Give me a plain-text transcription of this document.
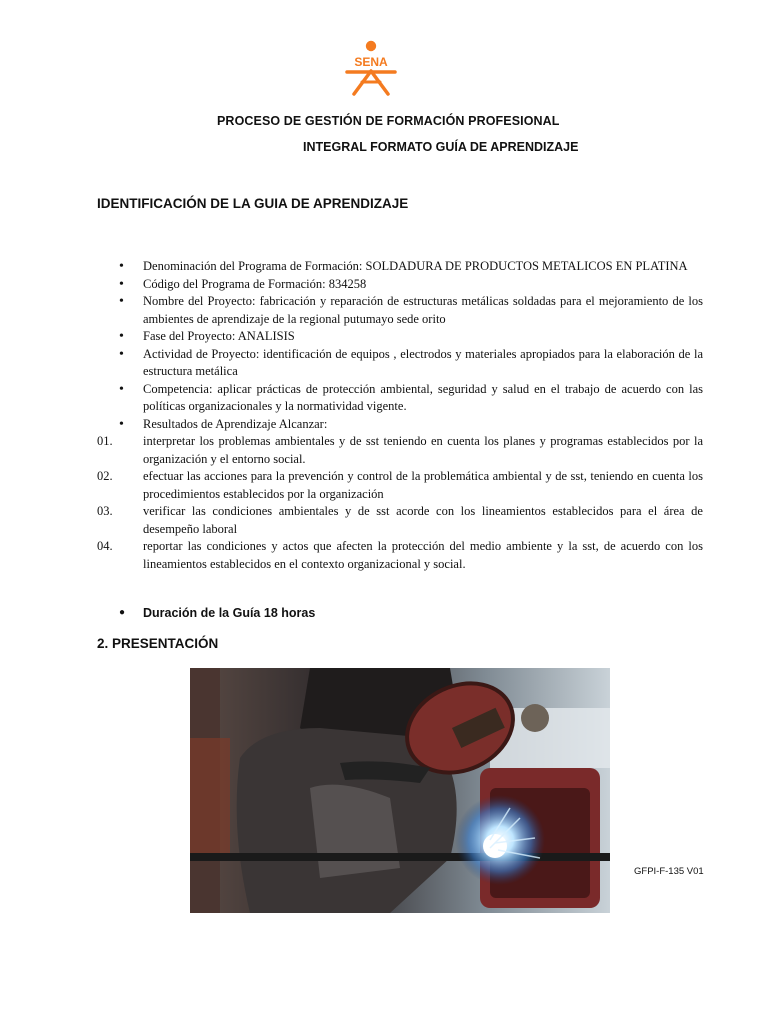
SENA
PROCESO DE GESTIÓN DE FORMACIÓN PROFESIONAL
INTEGRAL FORMATO GUÍA DE APRENDIZAJE
IDENTIFICACIÓN DE LA GUIA DE APRENDIZAJE
• Denominación del Programa de Formación: SOLDADURA DE PRODUCTOS METALICOS EN PLATINA
• Código del Programa de Formación: 834258
• Nombre del Proyecto: fabricación y reparación de estructuras metálicas soldadas para el mejoramiento de los ambientes de aprendizaje de la regional putumayo sede orito
• Fase del Proyecto: ANALISIS
• Actividad de Proyecto: identificación de equipos , electrodos y materiales apropiados para la elaboración de la estructura metálica
• Competencia: aplicar prácticas de protección ambiental, seguridad y salud en el trabajo de acuerdo con las políticas organizacionales y la normatividad vigente.
• Resultados de Aprendizaje Alcanzar:
01. interpretar los problemas ambientales y de sst teniendo en cuenta los planes y programas establecidos por la organización y el entorno social.
02. efectuar las acciones para la prevención y control de la problemática ambiental y de sst, teniendo en cuenta los procedimientos establecidos por la organización
03. verificar las condiciones ambientales y de sst acorde con los lineamientos establecidos para el área de desempeño laboral
04. reportar las condiciones y actos que afecten la protección del medio ambiente y la sst, de acuerdo con los lineamientos establecidos en el contexto organizacional y social.
● Duración de la Guía 18 horas
2. PRESENTACIÓN
GFPI-F-135 V01
